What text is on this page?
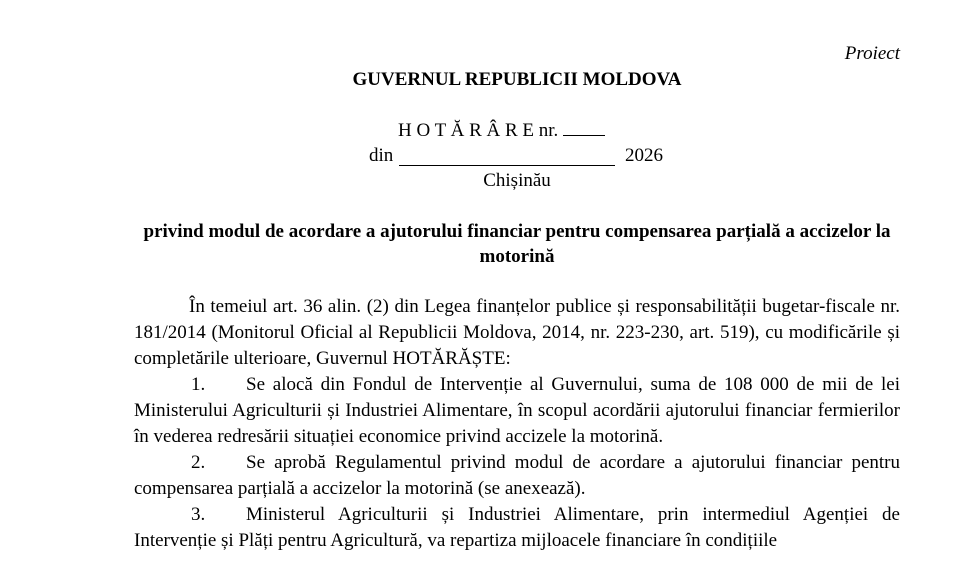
Proiect
GUVERNUL REPUBLICII MOLDOVA
H O T Ă R Â R E nr.
din	2026
Chișinău
privind modul de acordare a ajutorului financiar pentru compensarea parțială a accizelor la motorină

În temeiul art. 36 alin. (2) din Legea finanțelor publice și responsabilității bugetar-fiscale nr. 181/2014 (Monitorul Oficial al Republicii Moldova, 2014, nr. 223-230, art. 519), cu modificările și completările ulterioare, Guvernul HOTĂRĂȘTE:

1. Se alocă din Fondul de Intervenție al Guvernului, suma de 108 000 de mii de lei Ministerului Agriculturii și Industriei Alimentare, în scopul acordării ajutorului financiar fermierilor în vederea redresării situației economice privind accizele la motorină.

2. Se aprobă Regulamentul privind modul de acordare a ajutorului financiar pentru compensarea parțială a accizelor la motorină (se anexează).

3. Ministerul Agriculturii și Industriei Alimentare, prin intermediul Agenției de Intervenție și Plăți pentru Agricultură, va repartiza mijloacele financiare în condițiile
